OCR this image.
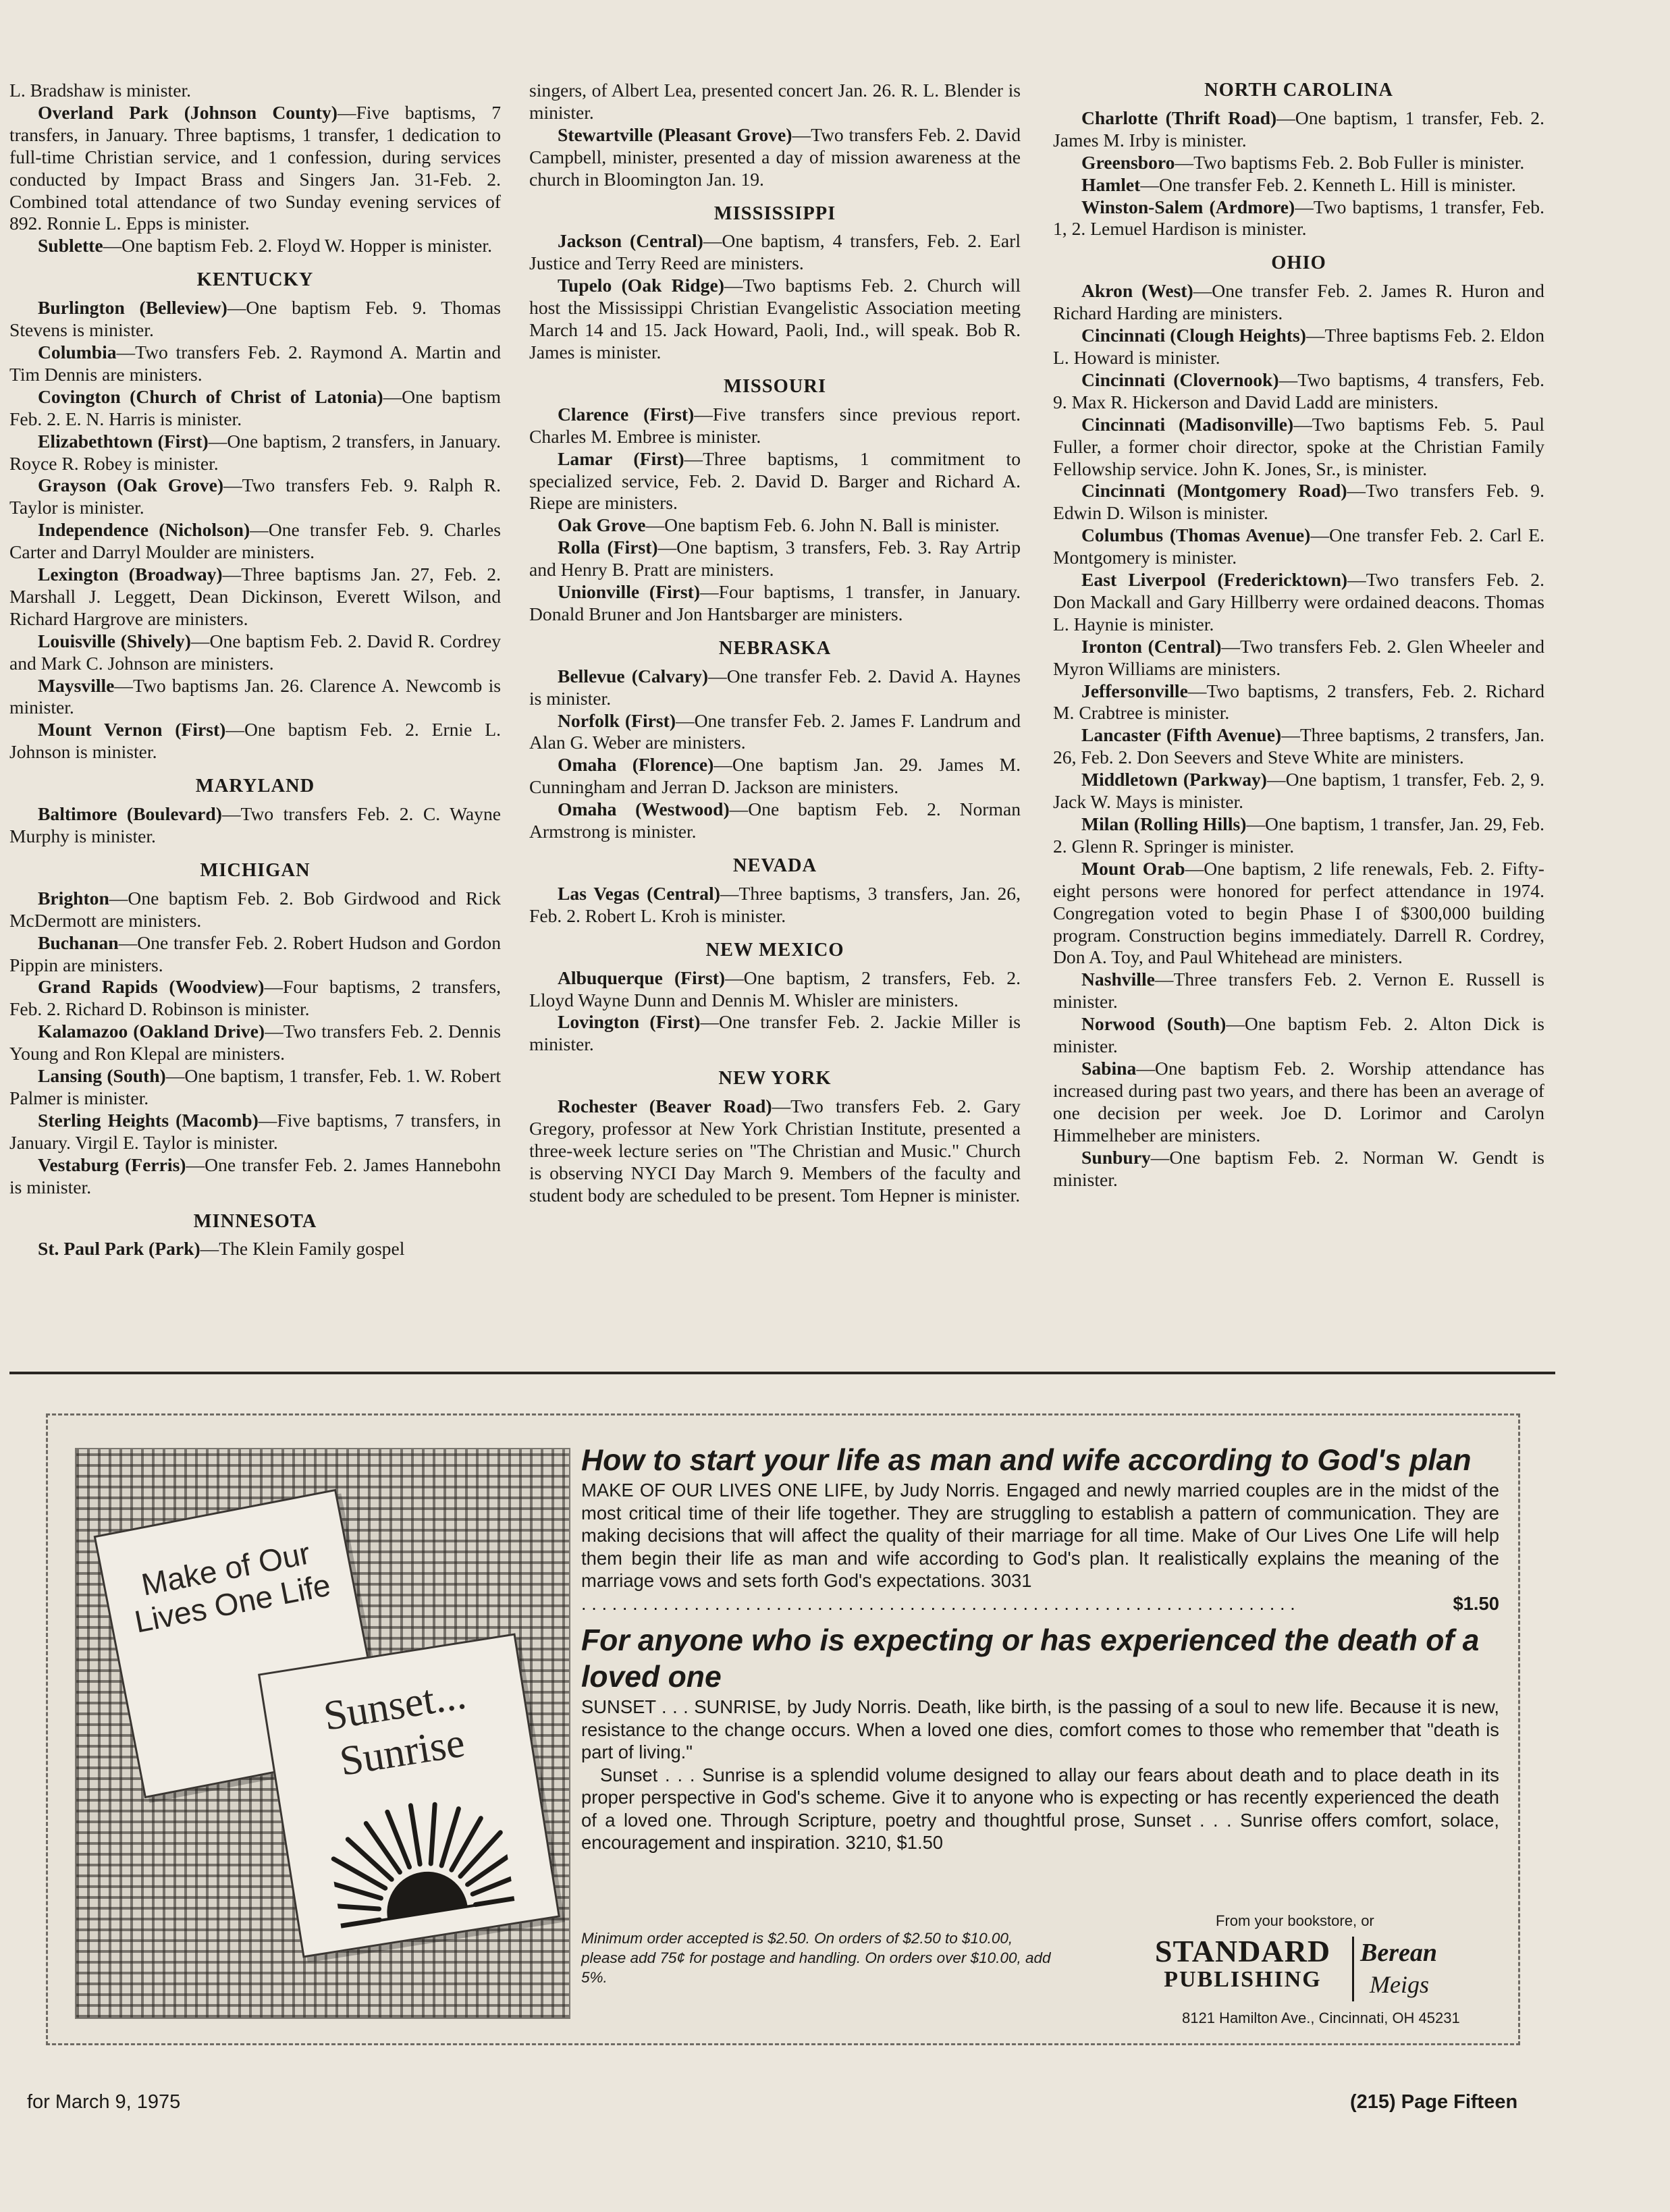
L. Bradshaw is minister.

Overland Park (Johnson County)—Five baptisms, 7 transfers, in January. Three baptisms, 1 transfer, 1 dedication to full-time Christian service, and 1 confession, during services conducted by Impact Brass and Singers Jan. 31-Feb. 2. Combined total attendance of two Sunday evening services of 892. Ronnie L. Epps is minister.

Sublette—One baptism Feb. 2. Floyd W. Hopper is minister.

KENTUCKY

Burlington (Belleview)—One baptism Feb. 9. Thomas Stevens is minister.

Columbia—Two transfers Feb. 2. Raymond A. Martin and Tim Dennis are ministers.

Covington (Church of Christ of Latonia)—One baptism Feb. 2. E. N. Harris is minister.

Elizabethtown (First)—One baptism, 2 transfers, in January. Royce R. Robey is minister.

Grayson (Oak Grove)—Two transfers Feb. 9. Ralph R. Taylor is minister.

Independence (Nicholson)—One transfer Feb. 9. Charles Carter and Darryl Moulder are ministers.

Lexington (Broadway)—Three baptisms Jan. 27, Feb. 2. Marshall J. Leggett, Dean Dickinson, Everett Wilson, and Richard Hargrove are ministers.

Louisville (Shively)—One baptism Feb. 2. David R. Cordrey and Mark C. Johnson are ministers.

Maysville—Two baptisms Jan. 26. Clarence A. Newcomb is minister.

Mount Vernon (First)—One baptism Feb. 2. Ernie L. Johnson is minister.

MARYLAND

Baltimore (Boulevard)—Two transfers Feb. 2. C. Wayne Murphy is minister.

MICHIGAN

Brighton—One baptism Feb. 2. Bob Girdwood and Rick McDermott are ministers.

Buchanan—One transfer Feb. 2. Robert Hudson and Gordon Pippin are ministers.

Grand Rapids (Woodview)—Four baptisms, 2 transfers, Feb. 2. Richard D. Robinson is minister.

Kalamazoo (Oakland Drive)—Two transfers Feb. 2. Dennis Young and Ron Klepal are ministers.

Lansing (South)—One baptism, 1 transfer, Feb. 1. W. Robert Palmer is minister.

Sterling Heights (Macomb)—Five baptisms, 7 transfers, in January. Virgil E. Taylor is minister.

Vestaburg (Ferris)—One transfer Feb. 2. James Hannebohn is minister.

MINNESOTA

St. Paul Park (Park)—The Klein Family gospel

singers, of Albert Lea, presented concert Jan. 26. R. L. Blender is minister.

Stewartville (Pleasant Grove)—Two transfers Feb. 2. David Campbell, minister, presented a day of mission awareness at the church in Bloomington Jan. 19.

MISSISSIPPI

Jackson (Central)—One baptism, 4 transfers, Feb. 2. Earl Justice and Terry Reed are ministers.

Tupelo (Oak Ridge)—Two baptisms Feb. 2. Church will host the Mississippi Christian Evangelistic Association meeting March 14 and 15. Jack Howard, Paoli, Ind., will speak. Bob R. James is minister.

MISSOURI

Clarence (First)—Five transfers since previous report. Charles M. Embree is minister.

Lamar (First)—Three baptisms, 1 commitment to specialized service, Feb. 2. David D. Barger and Richard A. Riepe are ministers.

Oak Grove—One baptism Feb. 6. John N. Ball is minister.

Rolla (First)—One baptism, 3 transfers, Feb. 3. Ray Artrip and Henry B. Pratt are ministers.

Unionville (First)—Four baptisms, 1 transfer, in January. Donald Bruner and Jon Hantsbarger are ministers.

NEBRASKA

Bellevue (Calvary)—One transfer Feb. 2. David A. Haynes is minister.

Norfolk (First)—One transfer Feb. 2. James F. Landrum and Alan G. Weber are ministers.

Omaha (Florence)—One baptism Jan. 29. James M. Cunningham and Jerran D. Jackson are ministers.

Omaha (Westwood)—One baptism Feb. 2. Norman Armstrong is minister.

NEVADA

Las Vegas (Central)—Three baptisms, 3 transfers, Jan. 26, Feb. 2. Robert L. Kroh is minister.

NEW MEXICO

Albuquerque (First)—One baptism, 2 transfers, Feb. 2. Lloyd Wayne Dunn and Dennis M. Whisler are ministers.

Lovington (First)—One transfer Feb. 2. Jackie Miller is minister.

NEW YORK

Rochester (Beaver Road)—Two transfers Feb. 2. Gary Gregory, professor at New York Christian Institute, presented a three-week lecture series on "The Christian and Music." Church is observing NYCI Day March 9. Members of the faculty and student body are scheduled to be present. Tom Hepner is minister.

NORTH CAROLINA

Charlotte (Thrift Road)—One baptism, 1 transfer, Feb. 2. James M. Irby is minister.

Greensboro—Two baptisms Feb. 2. Bob Fuller is minister.

Hamlet—One transfer Feb. 2. Kenneth L. Hill is minister.

Winston-Salem (Ardmore)—Two baptisms, 1 transfer, Feb. 1, 2. Lemuel Hardison is minister.

OHIO

Akron (West)—One transfer Feb. 2. James R. Huron and Richard Harding are ministers.

Cincinnati (Clough Heights)—Three baptisms Feb. 2. Eldon L. Howard is minister.

Cincinnati (Clovernook)—Two baptisms, 4 transfers, Feb. 9. Max R. Hickerson and David Ladd are ministers.

Cincinnati (Madisonville)—Two baptisms Feb. 5. Paul Fuller, a former choir director, spoke at the Christian Family Fellowship service. John K. Jones, Sr., is minister.

Cincinnati (Montgomery Road)—Two transfers Feb. 9. Edwin D. Wilson is minister.

Columbus (Thomas Avenue)—One transfer Feb. 2. Carl E. Montgomery is minister.

East Liverpool (Fredericktown)—Two transfers Feb. 2. Don Mackall and Gary Hillberry were ordained deacons. Thomas L. Haynie is minister.

Ironton (Central)—Two transfers Feb. 2. Glen Wheeler and Myron Williams are ministers.

Jeffersonville—Two baptisms, 2 transfers, Feb. 2. Richard M. Crabtree is minister.

Lancaster (Fifth Avenue)—Three baptisms, 2 transfers, Jan. 26, Feb. 2. Don Seevers and Steve White are ministers.

Middletown (Parkway)—One baptism, 1 transfer, Feb. 2, 9. Jack W. Mays is minister.

Milan (Rolling Hills)—One baptism, 1 transfer, Jan. 29, Feb. 2. Glenn R. Springer is minister.

Mount Orab—One baptism, 2 life renewals, Feb. 2. Fifty-eight persons were honored for perfect attendance in 1974. Congregation voted to begin Phase I of $300,000 building program. Construction begins immediately. Darrell R. Cordrey, Don A. Toy, and Paul Whitehead are ministers.

Nashville—Three transfers Feb. 2. Vernon E. Russell is minister.

Norwood (South)—One baptism Feb. 2. Alton Dick is minister.

Sabina—One baptism Feb. 2. Worship attendance has increased during past two years, and there has been an average of one decision per week. Joe D. Lorimor and Carolyn Himmelheber are ministers.

Sunbury—One baptism Feb. 2. Norman W. Gendt is minister.

Make of Our Lives One Life
Sunset... Sunrise
How to start your life as man and wife according to God's plan

MAKE OF OUR LIVES ONE LIFE, by Judy Norris. Engaged and newly married couples are in the midst of the most critical time of their life together. They are struggling to establish a pattern of communication. They are making decisions that will affect the quality of their marriage for all time. Make of Our Lives One Life will help them begin their life as man and wife according to God's plan. It realistically explains the meaning of the marriage vows and sets forth God's expectations. 3031

. . . . . . . . . . . . . . . . . . . . . . . . . . . . . . . . . . . . . . . . . . . . . . . . . . . . . . . . . . . . . . . . . . . . . .	$1.50
For anyone who is expecting or has experienced the death of a loved one

SUNSET . . . SUNRISE, by Judy Norris. Death, like birth, is the passing of a soul to new life. Because it is new, resistance to the change occurs. When a loved one dies, comfort comes to those who remember that "death is part of living."

Sunset . . . Sunrise is a splendid volume designed to allay our fears about death and to place death in its proper perspective in God's scheme. Give it to anyone who is expecting or has recently experienced the death of a loved one. Through Scripture, poetry and thoughtful prose, Sunset . . . Sunrise offers comfort, solace, encouragement and inspiration. 3210, $1.50

Minimum order accepted is $2.50. On orders of $2.50 to $10.00, please add 75¢ for postage and handling. On orders over $10.00, add 5%.
From your bookstore, or
STANDARD
PUBLISHING
Berean
Meigs
8121 Hamilton Ave., Cincinnati, OH 45231
for March 9, 1975	(215) Page Fifteen
